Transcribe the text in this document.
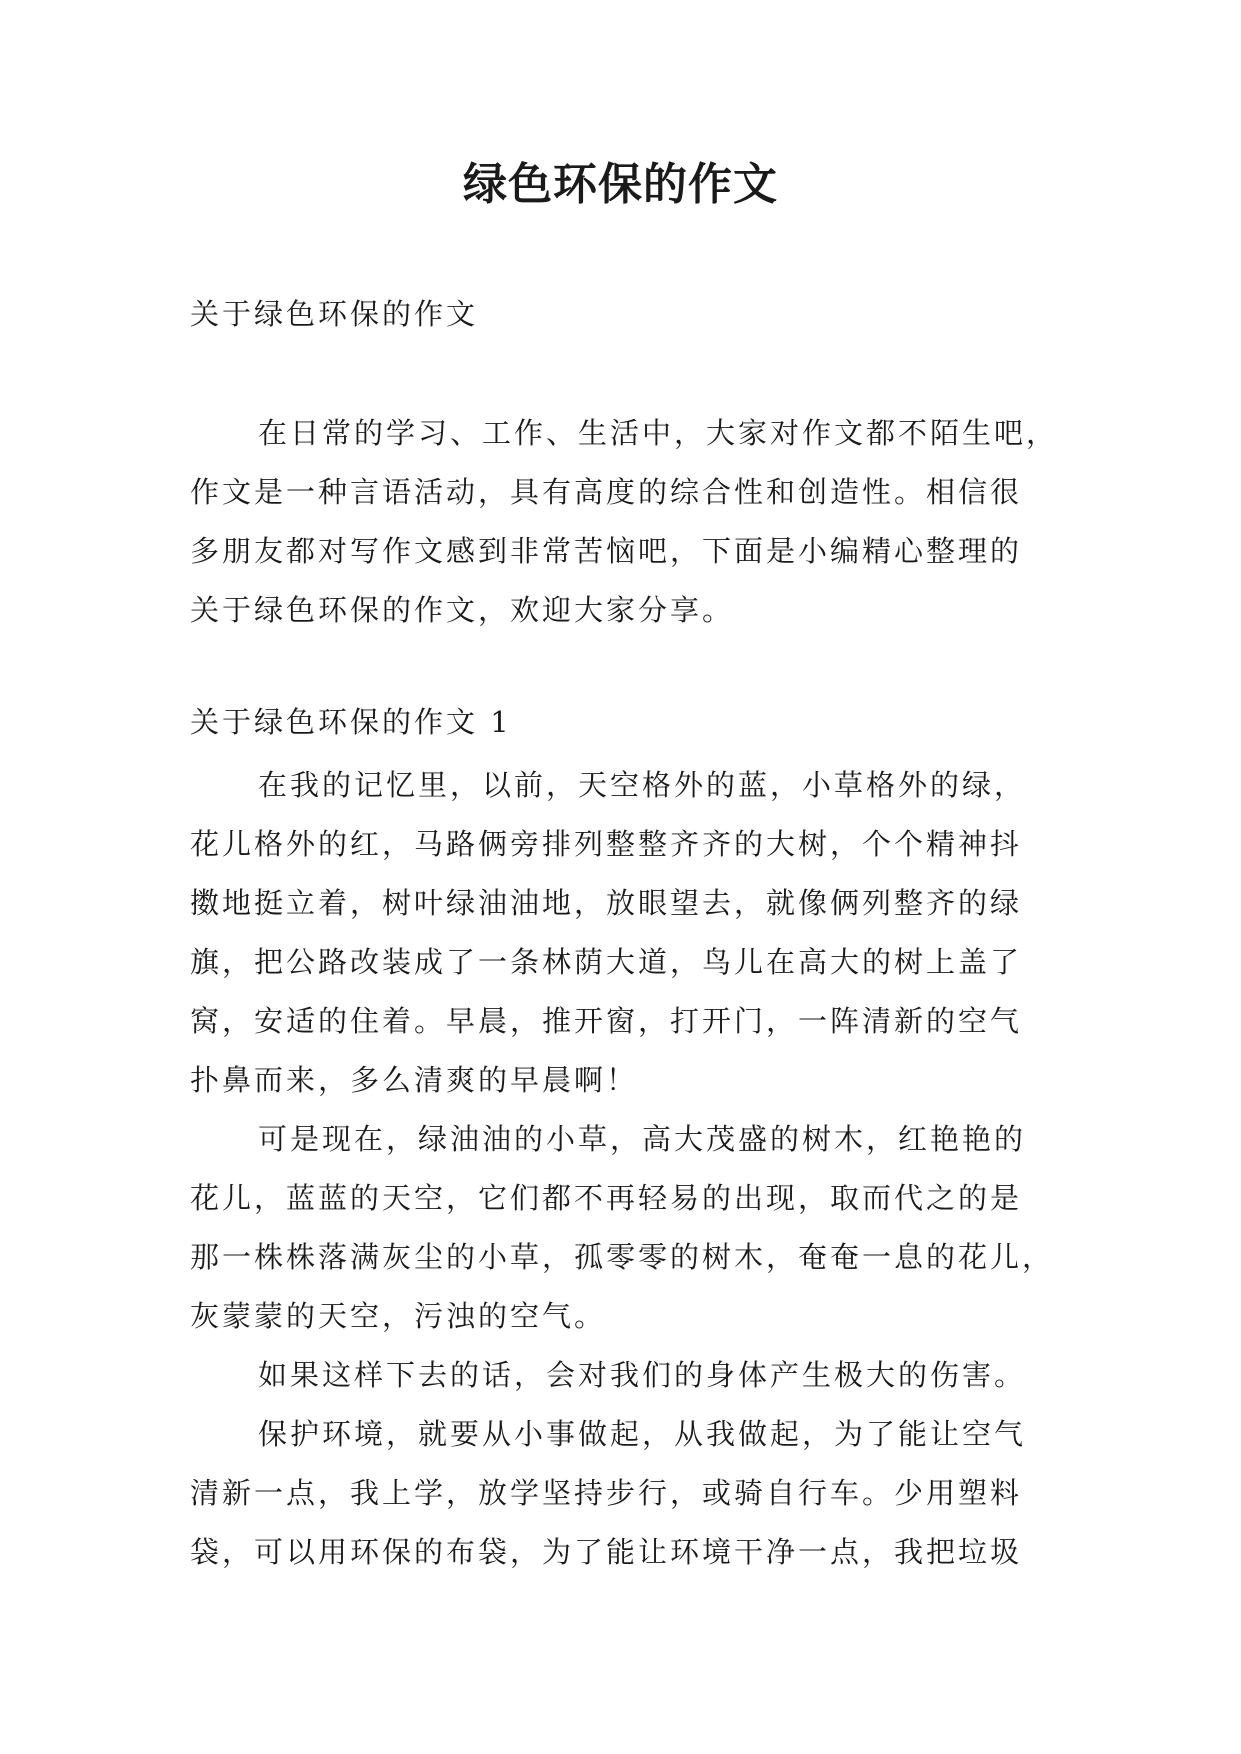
绿色环保的作文

关于绿色环保的作文

在日常的学习、工作、生活中，大家对作文都不陌生吧，
作文是一种言语活动，具有高度的综合性和创造性。相信很
多朋友都对写作文感到非常苦恼吧，下面是小编精心整理的
关于绿色环保的作文，欢迎大家分享。

关于绿色环保的作文 1

在我的记忆里，以前，天空格外的蓝，小草格外的绿，
花儿格外的红，马路俩旁排列整整齐齐的大树，个个精神抖
擞地挺立着，树叶绿油油地，放眼望去，就像俩列整齐的绿
旗，把公路改装成了一条林荫大道，鸟儿在高大的树上盖了
窝，安适的住着。早晨，推开窗，打开门，一阵清新的空气
扑鼻而来，多么清爽的早晨啊！
可是现在，绿油油的小草，高大茂盛的树木，红艳艳的
花儿，蓝蓝的天空，它们都不再轻易的出现，取而代之的是
那一株株落满灰尘的小草，孤零零的树木，奄奄一息的花儿，
灰蒙蒙的天空，污浊的空气。
如果这样下去的话，会对我们的身体产生极大的伤害。
保护环境，就要从小事做起，从我做起，为了能让空气
清新一点，我上学，放学坚持步行，或骑自行车。少用塑料
袋，可以用环保的布袋，为了能让环境干净一点，我把垃圾
